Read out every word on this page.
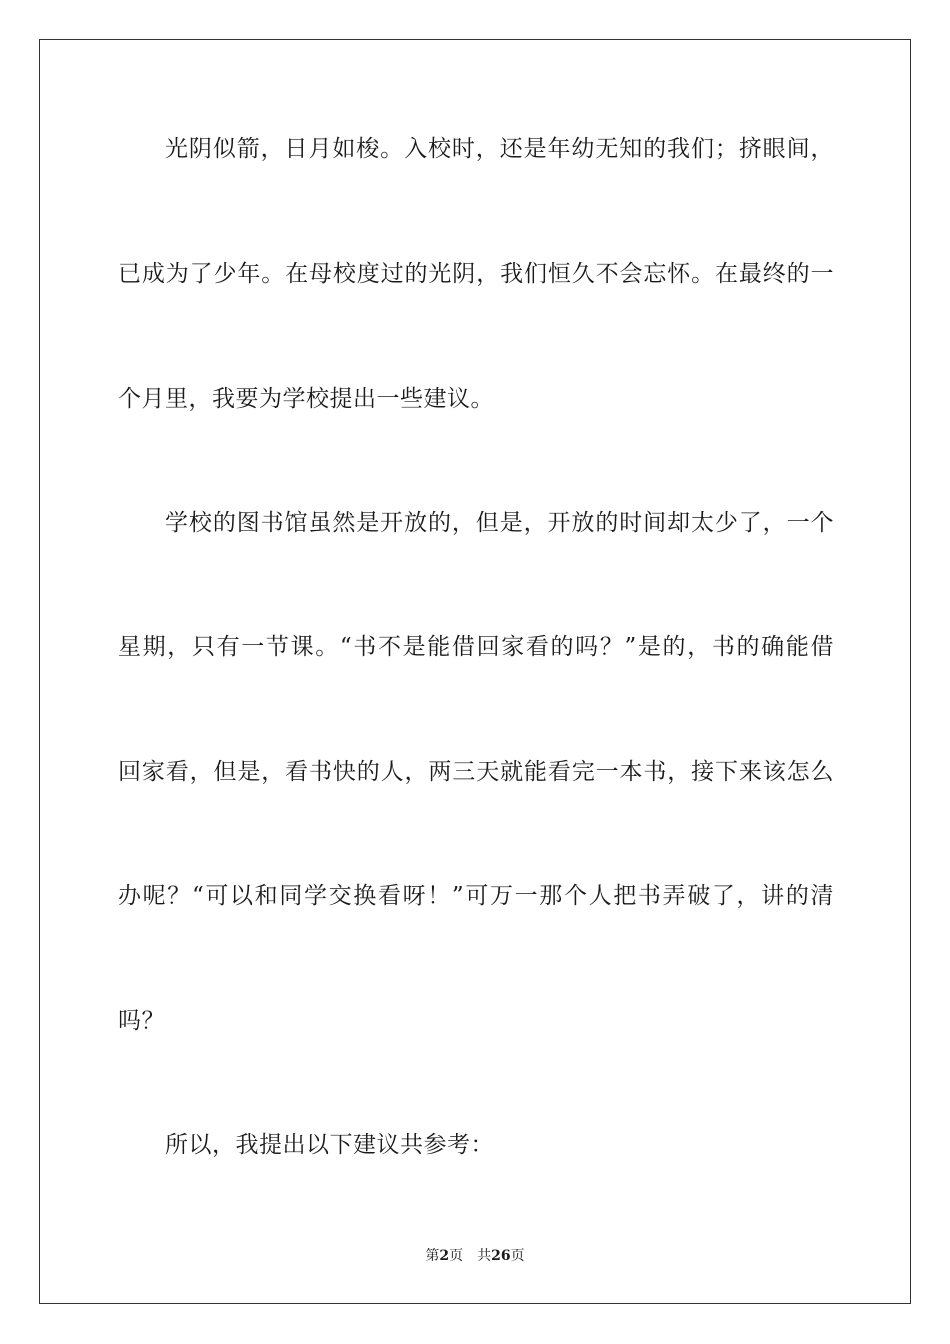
光阴似箭，日月如梭。入校时，还是年幼无知的我们；挤眼间，
已成为了少年。在母校度过的光阴，我们恒久不会忘怀。在最终的一
个月里，我要为学校提出一些建议。
学校的图书馆虽然是开放的，但是，开放的时间却太少了，一个
星期，只有一节课。“书不是能借回家看的吗？”是的，书的确能借
回家看，但是，看书快的人，两三天就能看完一本书，接下来该怎么
办呢？“可以和同学交换看呀！”可万一那个人把书弄破了，讲的清
吗？
所以，我提出以下建议共参考：
第2页 共26页
